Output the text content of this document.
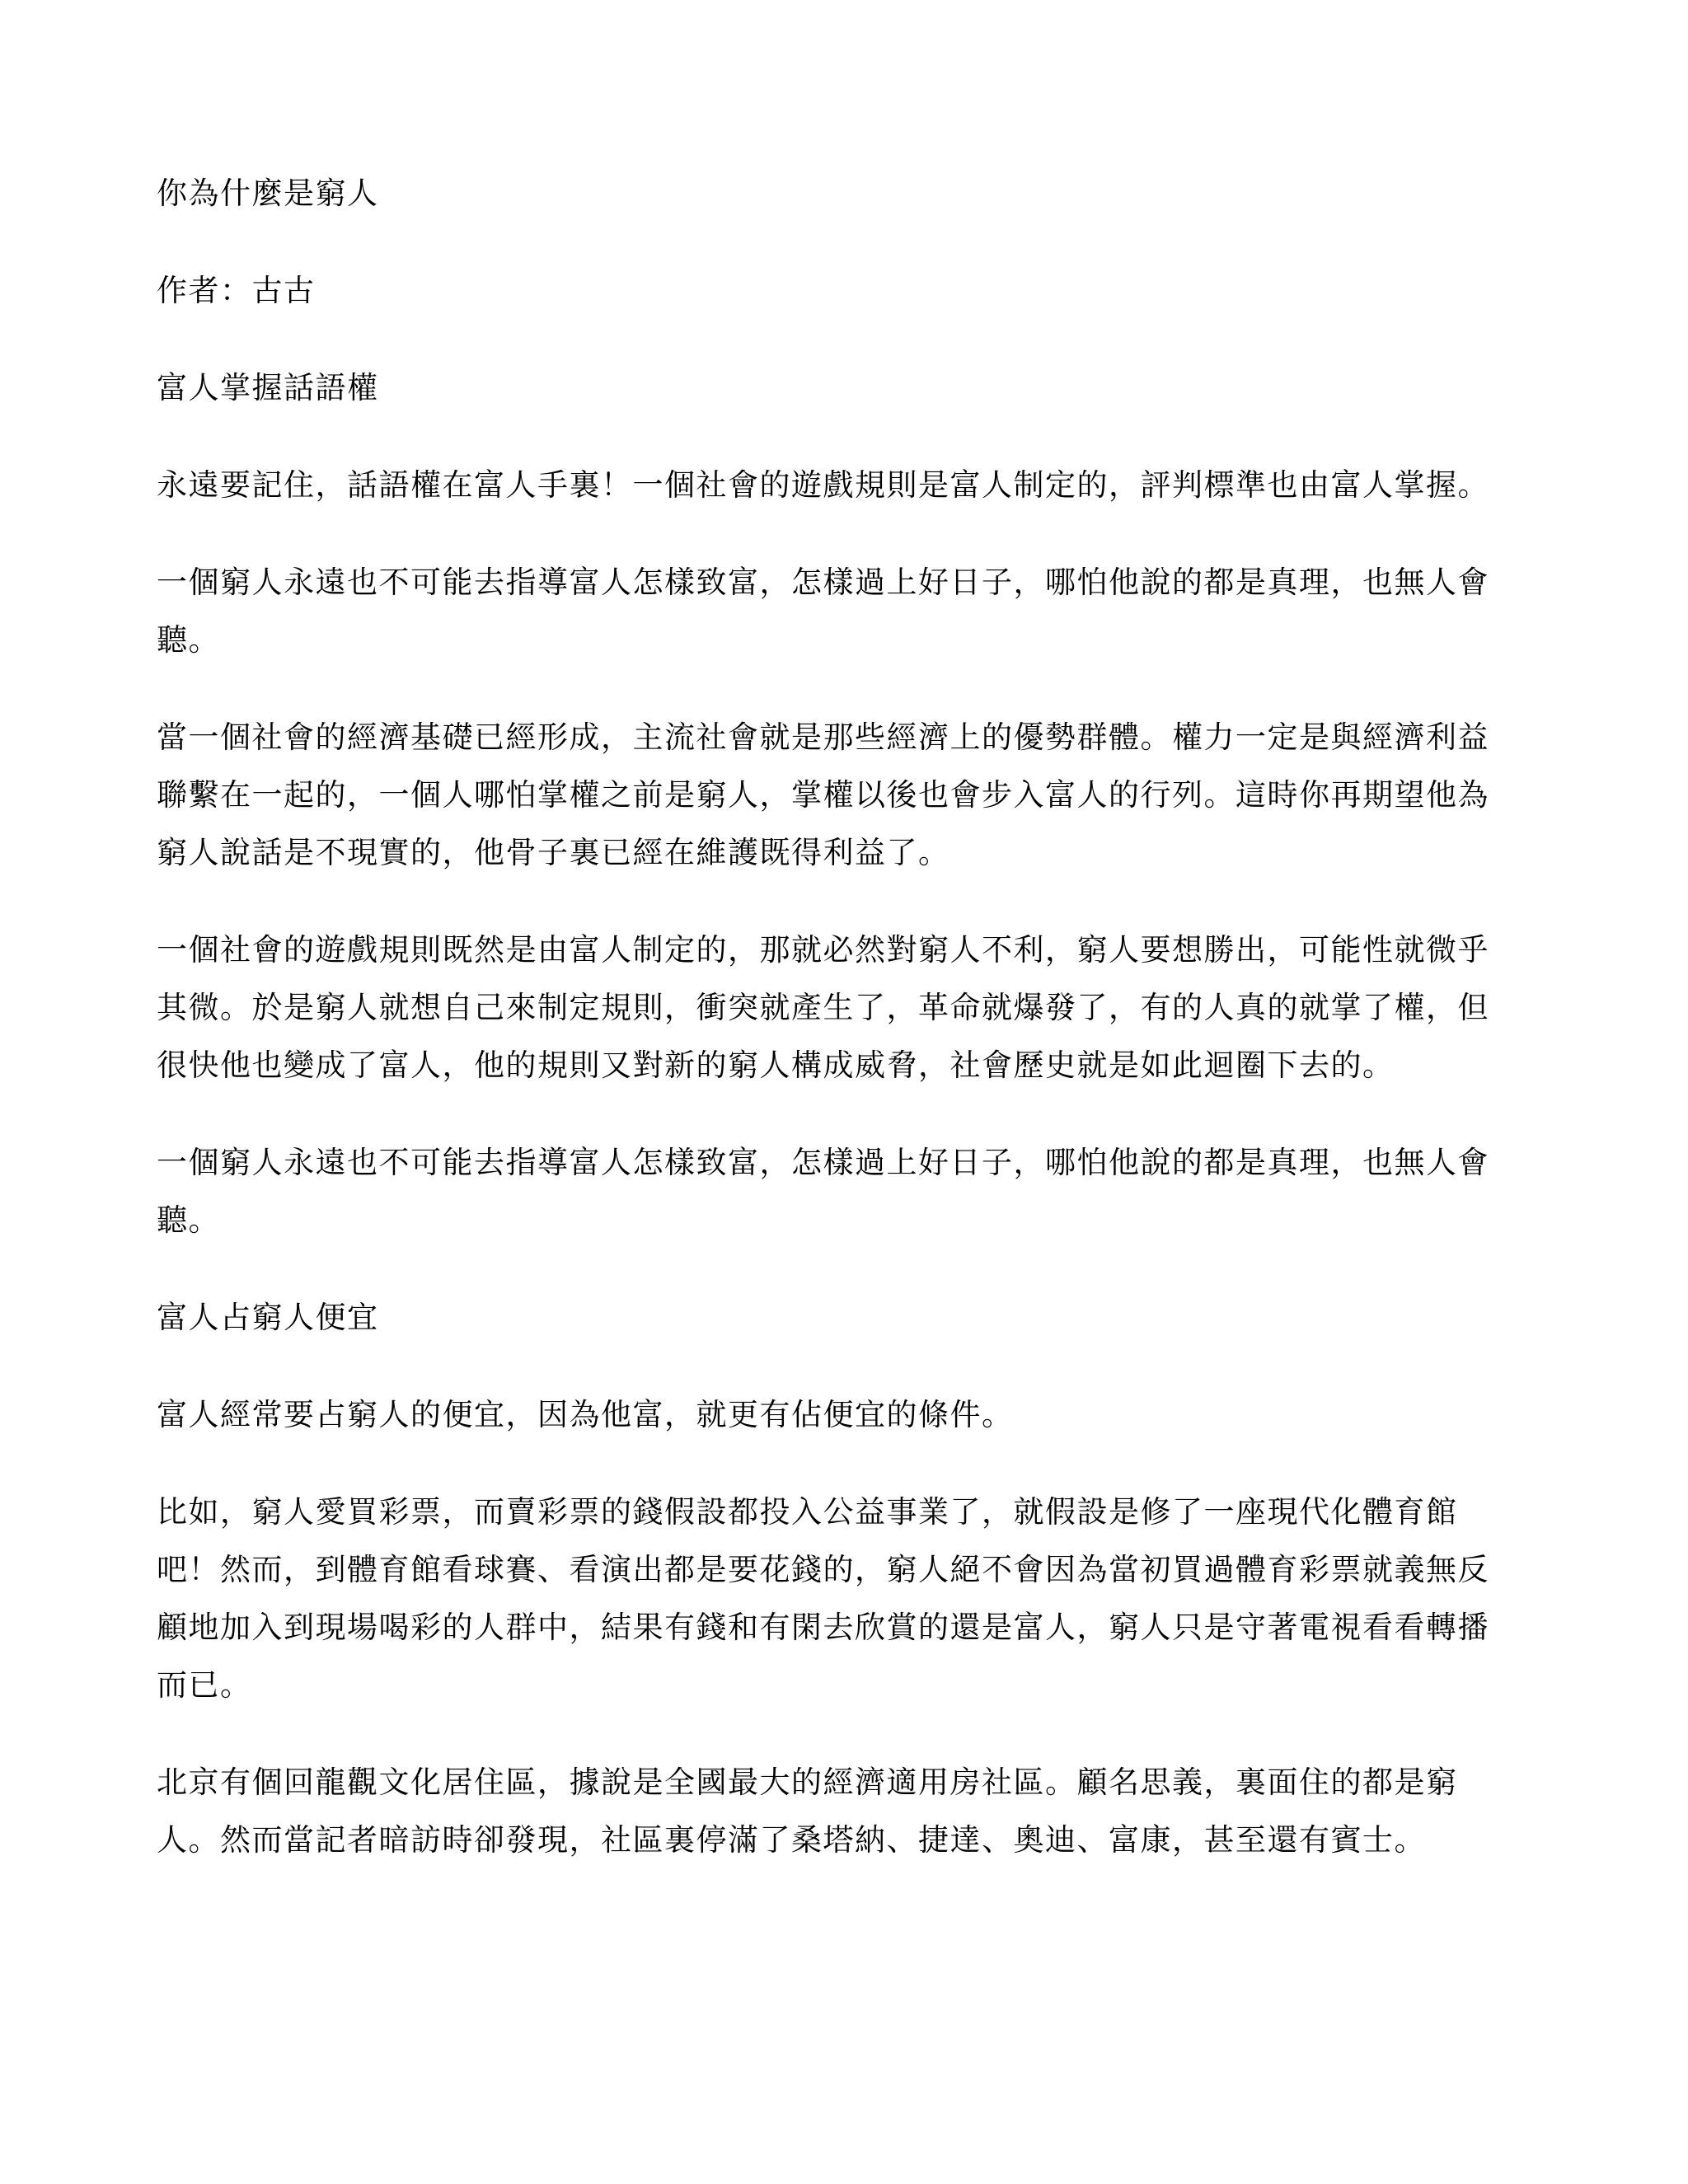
你為什麼是窮人

作者：古古

富人掌握話語權

永遠要記住，話語權在富人手裏！一個社會的遊戲規則是富人制定的，評判標準也由富人掌握。

一個窮人永遠也不可能去指導富人怎樣致富，怎樣過上好日子，哪怕他說的都是真理，也無人會聽。

當一個社會的經濟基礎已經形成，主流社會就是那些經濟上的優勢群體。權力一定是與經濟利益聯繫在一起的，一個人哪怕掌權之前是窮人，掌權以後也會步入富人的行列。這時你再期望他為窮人說話是不現實的，他骨子裏已經在維護既得利益了。

一個社會的遊戲規則既然是由富人制定的，那就必然對窮人不利，窮人要想勝出，可能性就微乎其微。於是窮人就想自己來制定規則，衝突就產生了，革命就爆發了，有的人真的就掌了權，但很快他也變成了富人，他的規則又對新的窮人構成威脅，社會歷史就是如此迴圈下去的。

一個窮人永遠也不可能去指導富人怎樣致富，怎樣過上好日子，哪怕他說的都是真理，也無人會聽。

富人占窮人便宜

富人經常要占窮人的便宜，因為他富，就更有佔便宜的條件。

比如，窮人愛買彩票，而賣彩票的錢假設都投入公益事業了，就假設是修了一座現代化體育館吧！然而，到體育館看球賽、看演出都是要花錢的，窮人絕不會因為當初買過體育彩票就義無反顧地加入到現場喝彩的人群中，結果有錢和有閑去欣賞的還是富人，窮人只是守著電視看看轉播而已。

北京有個回龍觀文化居住區，據說是全國最大的經濟適用房社區。顧名思義，裏面住的都是窮人。然而當記者暗訪時卻發現，社區裏停滿了桑塔納、捷達、奧迪、富康，甚至還有賓士。
